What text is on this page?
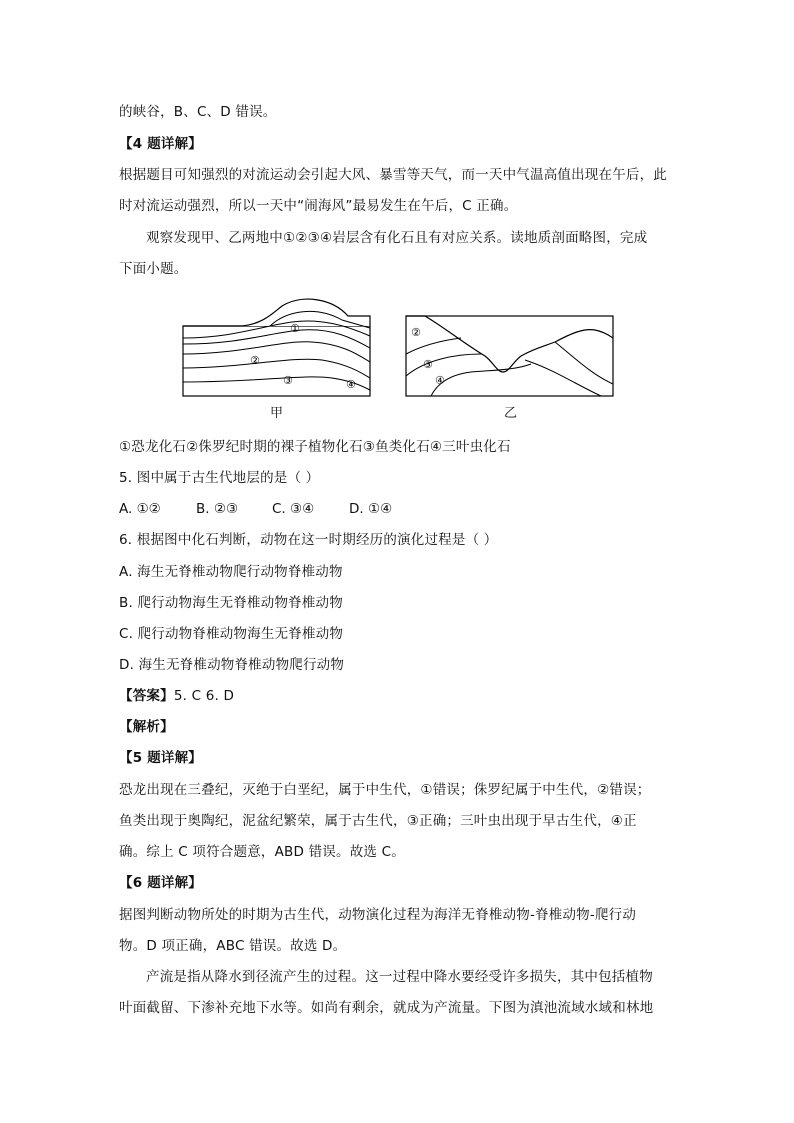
的峡谷，B、C、D 错误。
【4 题详解】
根据题目可知强烈的对流运动会引起大风、暴雪等天气，而一天中气温高值出现在午后，此
时对流运动强烈，所以一天中“闹海风”最易发生在午后，C 正确。
观察发现甲、乙两地中①②③④岩层含有化石且有对应关系。读地质剖面略图，完成
下面小题。
①
②
③	④
甲
②
③
④
乙
①恐龙化石②侏罗纪时期的裸子植物化石③鱼类化石④三叶虫化石
5. 图中属于古生代地层的是（ ）
A. ①②	B. ②③	C. ③④	D. ①④
6. 根据图中化石判断，动物在这一时期经历的演化过程是（ ）
A. 海生无脊椎动物爬行动物脊椎动物
B. 爬行动物海生无脊椎动物脊椎动物
C. 爬行动物脊椎动物海生无脊椎动物
D. 海生无脊椎动物脊椎动物爬行动物
【答案】5. C 6. D
【解析】
【5 题详解】
恐龙出现在三叠纪，灭绝于白垩纪，属于中生代，①错误；侏罗纪属于中生代，②错误；
鱼类出现于奥陶纪，泥盆纪繁荣，属于古生代，③正确；三叶虫出现于早古生代，④正
确。综上 C 项符合题意，ABD 错误。故选 C。
【6 题详解】
据图判断动物所处的时期为古生代，动物演化过程为海洋无脊椎动物-脊椎动物-爬行动
物。D 项正确，ABC 错误。故选 D。
产流是指从降水到径流产生的过程。这一过程中降水要经受许多损失，其中包括植物
叶面截留、下渗补充地下水等。如尚有剩余，就成为产流量。下图为滇池流域水域和林地
